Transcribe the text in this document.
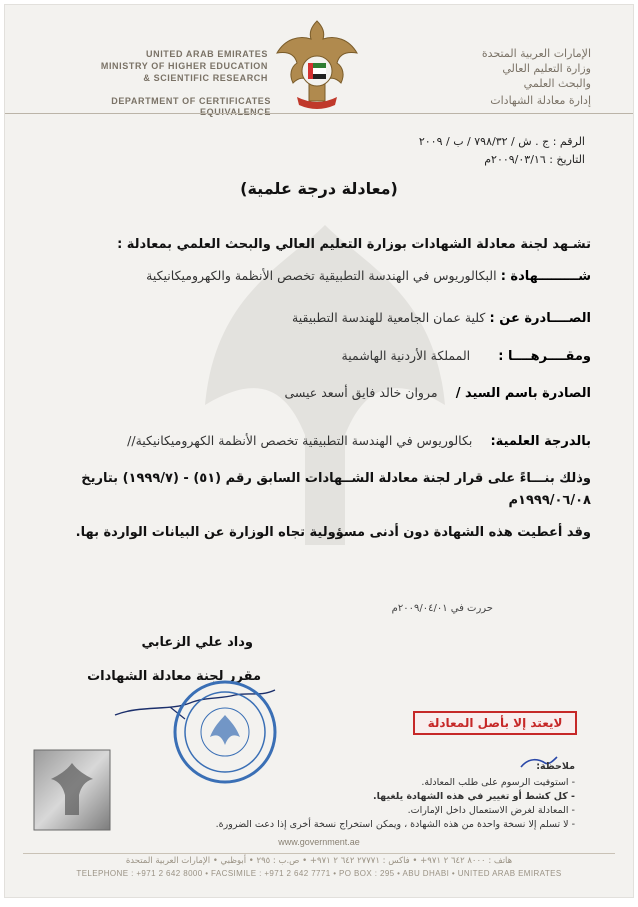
UNITED ARAB EMIRATES
MINISTRY OF HIGHER EDUCATION
& SCIENTIFIC RESEARCH
DEPARTMENT OF CERTIFICATES EQUIVALENCE
الإمارات العربية المتحدة
وزارة التعليم العالي
والبحث العلمي
إدارة معادلة الشهادات
الرقم : ج . ش / ٧٩٨/٣٢ / ب / ٢٠٠٩
التاريخ : ٢٠٠٩/٠٣/١٦م
(معادلة درجة علمية)
تشـهد لجنة معادلة الشهادات بوزارة التعليم العالي والبحث العلمي بمعادلة :
شـــــــــهادة : البكالوريوس في الهندسة التطبيقية تخصص الأنظمة والكهروميكانيكية
الصــــادرة عن : كلية عمان الجامعية للهندسة التطبيقية
ومقــــرهــــا : المملكة الأردنية الهاشمية
الصادرة باسم السيد / مروان خالد فايق أسعد عيسى
بالدرجة العلمية: بكالوريوس في الهندسة التطبيقية تخصص الأنظمة الكهروميكانيكية//
وذلك بنـــاءً على قرار لجنة معادلة الشــهادات السابق رقم (٥١) - (١٩٩٩/٧) بتاريخ
١٩٩٩/٠٦/٠٨م
وقد أعطيت هذه الشهادة دون أدنى مسؤولية تجاه الوزارة عن البيانات الواردة بها.
حررت في ٢٠٠٩/٠٤/٠١م
وداد علي الزعابي
مقرر لجنة معادلة الشهادات
لايعتد إلا بأصل المعادلة
ملاحظة:
- استوفيت الرسوم على طلب المعادلة.
- كل كشط أو تغيير في هذه الشهادة يلغيها.
- المعادلة لغرض الاستعمال داخل الإمارات.
- لا تسلم إلا نسخة واحدة من هذه الشهادة ، ويمكن استخراج نسخة أخرى إذا دعت الضرورة.
www.government.ae
هاتف : ٨٠٠٠ ٦٤٢ ٢ ٩٧١+ • فاكس : ٢٧٧٧١ ٦٤٢ ٢ ٩٧١+ • ص.ب : ٢٩٥ • أبوظبي • الإمارات العربية المتحدة
TELEPHONE : +971 2 642 8000 • FACSIMILE : +971 2 642 7771 • PO BOX : 295 • ABU DHABI • UNITED ARAB EMIRATES
